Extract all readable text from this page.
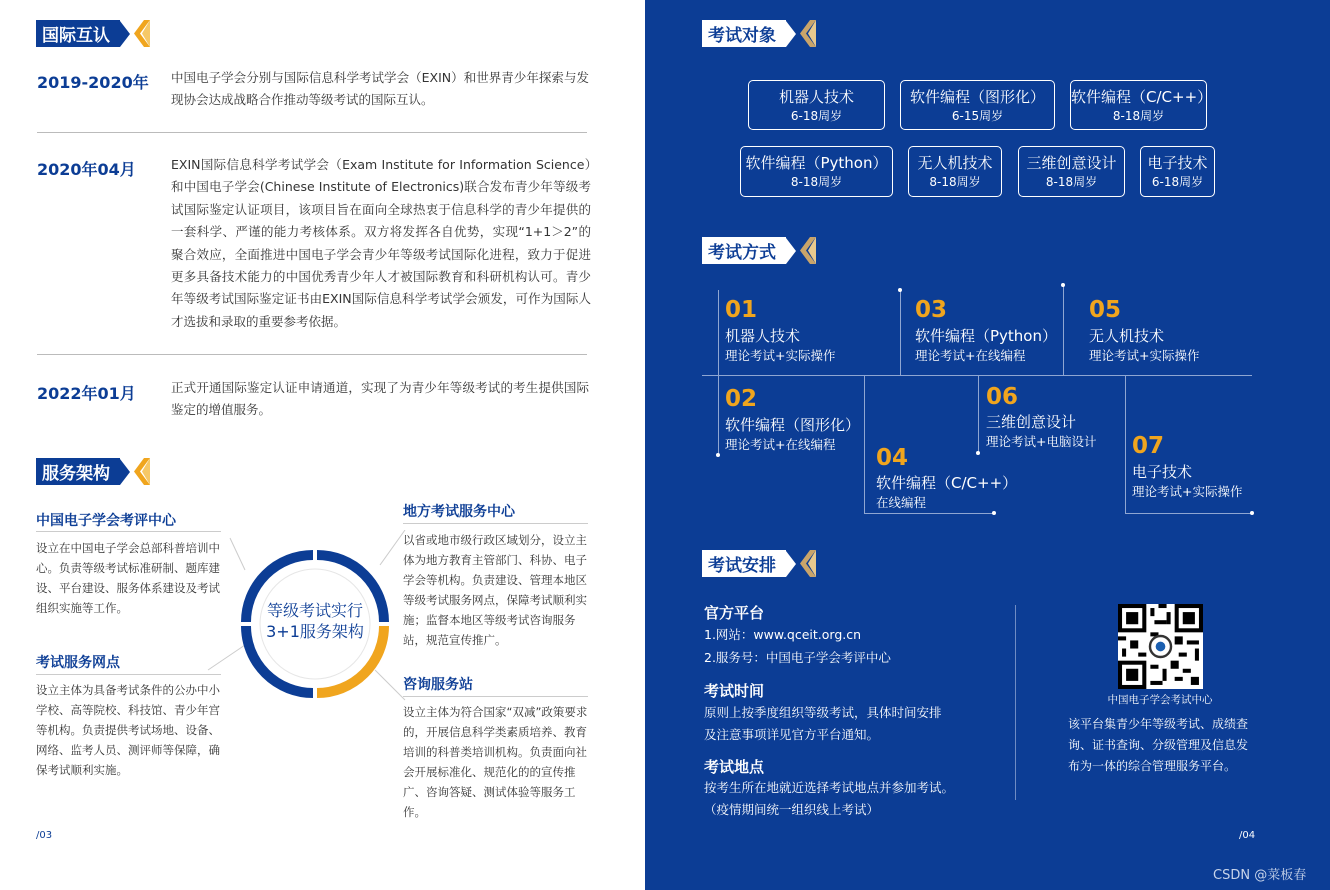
国际互认
2019-2020年 中国电子学会分别与国际信息科学考试学会（EXIN）和世界青少年探索与发现协会达成战略合作推动等级考试的国际互认。
2020年04月	EXIN国际信息科学考试学会（Exam Institute for Information Science）和中国电子学会(Chinese Institute of Electronics)联合发布青少年等级考试国际鉴定认证项目，该项目旨在面向全球热衷于信息科学的青少年提供的一套科学、严谨的能力考核体系。双方将发挥各自优势，实现“1+1＞2”的聚合效应，全面推进中国电子学会青少年等级考试国际化进程，致力于促进更多具备技术能力的中国优秀青少年人才被国际教育和科研机构认可。青少年等级考试国际鉴定证书由EXIN国际信息科学考试学会颁发，可作为国际人才选拔和录取的重要参考依据。
2022年01月	正式开通国际鉴定认证申请通道，实现了为青少年等级考试的考生提供国际鉴定的增值服务。
服务架构
中国电子学会考评中心
设立在中国电子学会总部科普培训中心。负责等级考试标准研制、题库建设、平台建设、服务体系建设及考试组织实施等工作。
考试服务网点
设立主体为具备考试条件的公办中小学校、高等院校、科技馆、青少年宫等机构。负责提供考试场地、设备、网络、监考人员、测评师等保障，确保考试顺利实施。
地方考试服务中心
以省或地市级行政区域划分，设立主体为地方教育主管部门、科协、电子学会等机构。负责建设、管理本地区等级考试服务网点，保障考试顺利实施；监督本地区等级考试咨询服务站，规范宣传推广。
咨询服务站
设立主体为符合国家“双减”政策要求的，开展信息科学类素质培养、教育培训的科普类培训机构。负责面向社会开展标准化、规范化的的宣传推广、咨询答疑、测试体验等服务工作。
等级考试实行
3+1服务架构
/03
考试对象
机器人技术
6-18周岁
软件编程（图形化）
6-15周岁
软件编程（C/C++）
8-18周岁
软件编程（Python）
8-18周岁
无人机技术
8-18周岁
三维创意设计
8-18周岁
电子技术
6-18周岁
考试方式
01
机器人技术
理论考试+实际操作
02
软件编程（图形化）
理论考试+在线编程
03
软件编程（Python）
理论考试+在线编程
04
软件编程（C/C++）
在线编程
05
无人机技术
理论考试+实际操作
06
三维创意设计
理论考试+电脑设计 07
电子技术
理论考试+实际操作
考试安排
官方平台
1.网站：www.qceit.org.cn
2.服务号：中国电子学会考评中心
考试时间
原则上按季度组织等级考试，具体时间安排
及注意事项详见官方平台通知。
考试地点
按考生所在地就近选择考试地点并参加考试。
（疫情期间统一组织线上考试）
中国电子学会考试中心
该平台集青少年等级考试、成绩查询、证书查询、分级管理及信息发布为一体的综合管理服务平台。
/04
CSDN @菜板春
